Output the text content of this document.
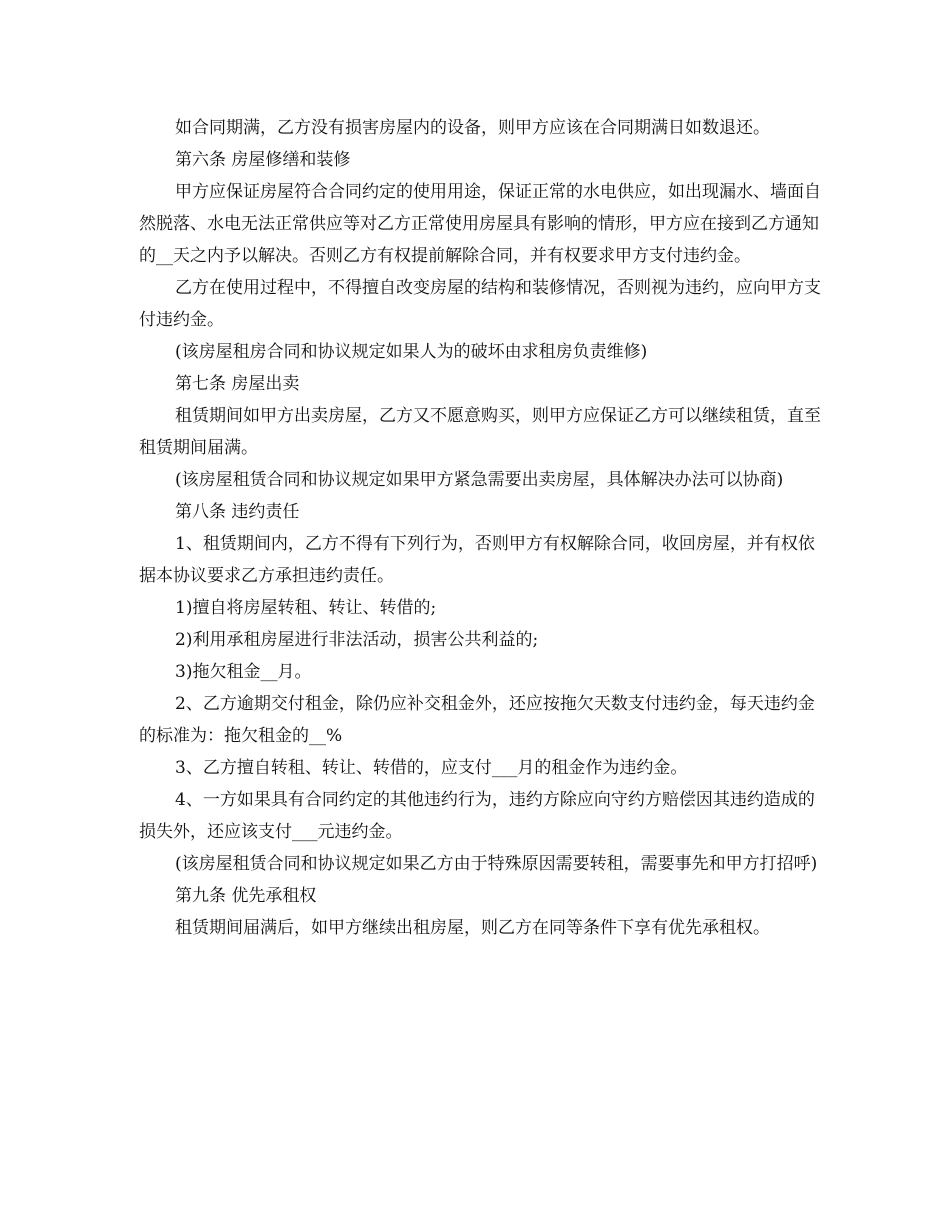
如合同期满，乙方没有损害房屋内的设备，则甲方应该在合同期满日如数退还。

第六条 房屋修缮和装修

甲方应保证房屋符合合同约定的使用用途，保证正常的水电供应，如出现漏水、墙面自然脱落、水电无法正常供应等对乙方正常使用房屋具有影响的情形，甲方应在接到乙方通知的__天之内予以解决。否则乙方有权提前解除合同，并有权要求甲方支付违约金。

乙方在使用过程中，不得擅自改变房屋的结构和装修情况，否则视为违约，应向甲方支付违约金。

(该房屋租房合同和协议规定如果人为的破坏由求租房负责维修)

第七条 房屋出卖

租赁期间如甲方出卖房屋，乙方又不愿意购买，则甲方应保证乙方可以继续租赁，直至租赁期间届满。

(该房屋租赁合同和协议规定如果甲方紧急需要出卖房屋，具体解决办法可以协商)

第八条 违约责任

1、租赁期间内，乙方不得有下列行为，否则甲方有权解除合同，收回房屋，并有权依据本协议要求乙方承担违约责任。

1)擅自将房屋转租、转让、转借的;

2)利用承租房屋进行非法活动，损害公共利益的;

3)拖欠租金__月。

2、乙方逾期交付租金，除仍应补交租金外，还应按拖欠天数支付违约金，每天违约金的标准为：拖欠租金的__%

3、乙方擅自转租、转让、转借的，应支付___月的租金作为违约金。

4、一方如果具有合同约定的其他违约行为，违约方除应向守约方赔偿因其违约造成的损失外，还应该支付___元违约金。

(该房屋租赁合同和协议规定如果乙方由于特殊原因需要转租，需要事先和甲方打招呼)

第九条 优先承租权

租赁期间届满后，如甲方继续出租房屋，则乙方在同等条件下享有优先承租权。
